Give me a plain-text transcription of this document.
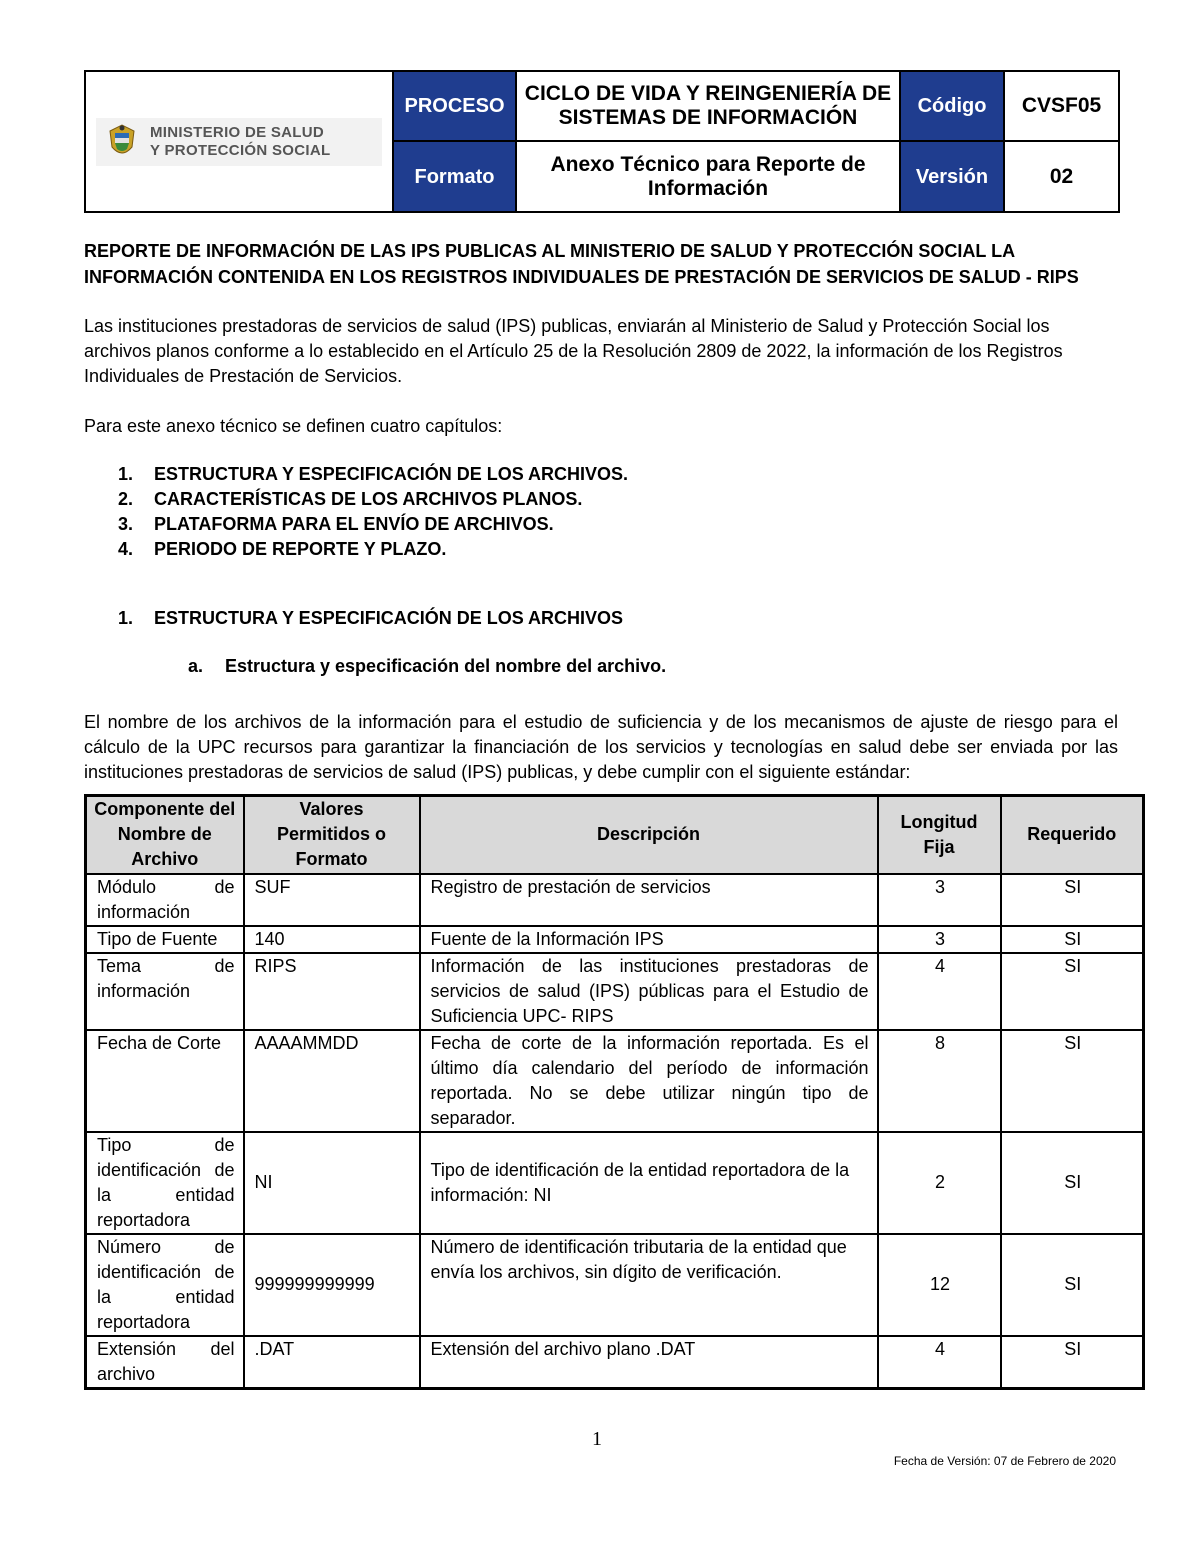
MINISTERIO DE SALUD
Y PROTECCIÓN SOCIAL	PROCESO	CICLO DE VIDA Y REINGENIERÍA DE SISTEMAS DE INFORMACIÓN	Código	CVSF05
	Formato	Anexo Técnico para Reporte de Información	Versión	02
REPORTE DE INFORMACIÓN DE LAS IPS PUBLICAS AL MINISTERIO DE SALUD Y PROTECCIÓN SOCIAL LA INFORMACIÓN CONTENIDA EN LOS REGISTROS INDIVIDUALES DE PRESTACIÓN DE SERVICIOS DE SALUD - RIPS
Las instituciones prestadoras de servicios de salud (IPS) publicas, enviarán al Ministerio de Salud y Protección Social los archivos planos conforme a lo establecido en el Artículo 25 de la Resolución 2809 de 2022, la información de los Registros Individuales de Prestación de Servicios.
Para este anexo técnico se definen cuatro capítulos:
1.	ESTRUCTURA Y ESPECIFICACIÓN DE LOS ARCHIVOS.
2.	CARACTERÍSTICAS DE LOS ARCHIVOS PLANOS.
3.	PLATAFORMA PARA EL ENVÍO DE ARCHIVOS.
4.	PERIODO DE REPORTE Y PLAZO.
1.	ESTRUCTURA Y ESPECIFICACIÓN DE LOS ARCHIVOS
a.	Estructura y especificación del nombre del archivo.
El nombre de los archivos de la información para el estudio de suficiencia y de los mecanismos de ajuste de riesgo para el cálculo de la UPC recursos para garantizar la financiación de los servicios y tecnologías en salud debe ser enviada por las instituciones prestadoras de servicios de salud (IPS) publicas, y debe cumplir con el siguiente estándar:
Componente del Nombre de Archivo	Valores Permitidos o Formato	Descripción	Longitud Fija	Requerido
Módulo de información	SUF	Registro de prestación de servicios	3	SI
Tipo de Fuente	140	Fuente de la Información IPS	3	SI
Tema de información	RIPS	Información de las instituciones prestadoras de servicios de salud (IPS) públicas para el Estudio de Suficiencia UPC- RIPS	4	SI
Fecha de Corte	AAAAMMDD	Fecha de corte de la información reportada. Es el último día calendario del período de información reportada. No se debe utilizar ningún tipo de separador.	8	SI
Tipo de identificación de la entidad reportadora	NI	Tipo de identificación de la entidad reportadora de la información: NI	2	SI
Número de identificación de la entidad reportadora	999999999999	Número de identificación tributaria de la entidad que envía los archivos, sin dígito de verificación.	12	SI
Extensión del archivo	.DAT	Extensión del archivo plano .DAT	4	SI
1
Fecha de Versión: 07 de Febrero de 2020
